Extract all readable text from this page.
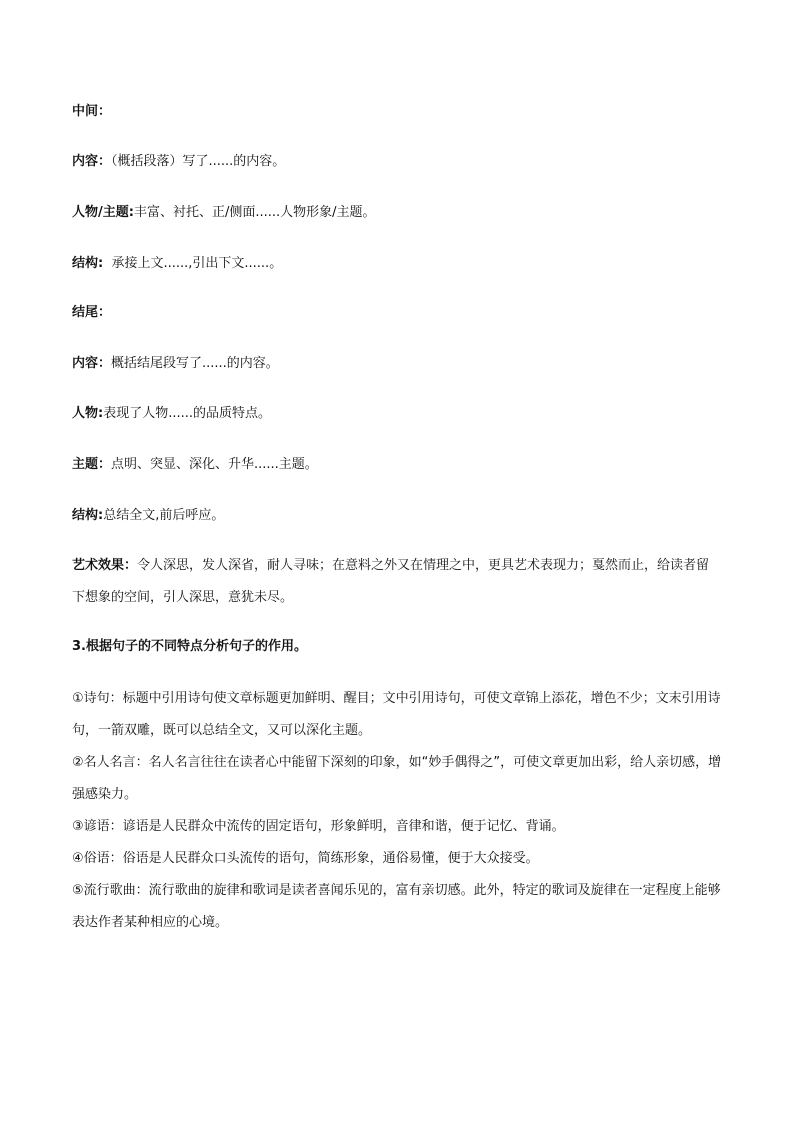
中间：
内容：（概括段落）写了......的内容。
人物/主题:丰富、衬托、正/侧面......人物形象/主题。
结构:  承接上文......,引出下文......。
结尾：
内容：概括结尾段写了......的内容。
人物:表现了人物......的品质特点。
主题：点明、突显、深化、升华......主题。
结构:总结全文,前后呼应。
艺术效果：令人深思，发人深省，耐人寻味；在意料之外又在情理之中，更具艺术表现力；戛然而止，给读者留下想象的空间，引人深思，意犹未尽。
3.根据句子的不同特点分析句子的作用。

①诗句：标题中引用诗句使文章标题更加鲜明、醒目；文中引用诗句，可使文章锦上添花，增色不少；文末引用诗句，一箭双雕，既可以总结全文，又可以深化主题。

②名人名言：名人名言往往在读者心中能留下深刻的印象，如“妙手偶得之”，可使文章更加出彩，给人亲切感，增强感染力。

③谚语：谚语是人民群众中流传的固定语句，形象鲜明，音律和谐，便于记忆、背诵。

④俗语：俗语是人民群众口头流传的语句，简练形象，通俗易懂，便于大众接受。

⑤流行歌曲：流行歌曲的旋律和歌词是读者喜闻乐见的，富有亲切感。此外，特定的歌词及旋律在一定程度上能够表达作者某种相应的心境。
